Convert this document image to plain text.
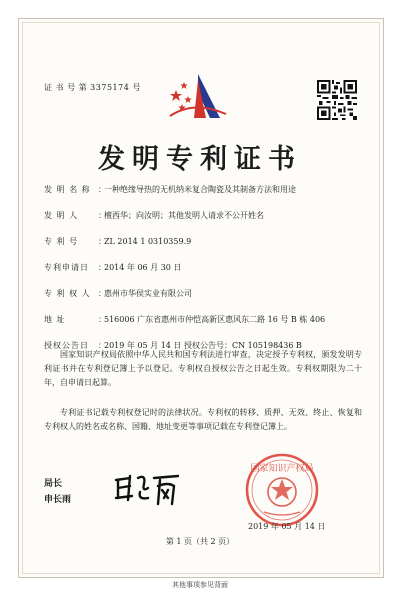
证 书 号 第 3375174 号
发明专利证书
发 明 名 称 ：一种绝缘导热的无机纳米复合陶瓷及其制备方法和用途
发 明 人 ：檀西华；向汝明；其他发明人请求不公开姓名
专 利 号 ：ZL 2014 1 0310359.9
专利申请日 ：2014 年 06 月 30 日
专 利 权 人 ：惠州市华侯实业有限公司
地 址	：516006 广东省惠州市仲恺高新区惠风东二路 16 号 B 栋 406
授权公告日 ：2019 年 05 月 14 日 授权公告号：CN 105198436 B
国家知识产权局依照中华人民共和国专利法进行审查，决定授予专利权，颁发发明专利证书并在专利登记簿上予以登记。专利权自授权公告之日起生效。专利权期限为二十年，自申请日起算。
专利证书记载专利权登记时的法律状况。专利权的转移、质押、无效、终止、恢复和专利权人的姓名或名称、国籍、地址变更等事项记载在专利登记簿上。
局长
申长雨
国家知识产权局
2019 年 05 月 14 日
第 1 页（共 2 页）
其他事项参见背面
